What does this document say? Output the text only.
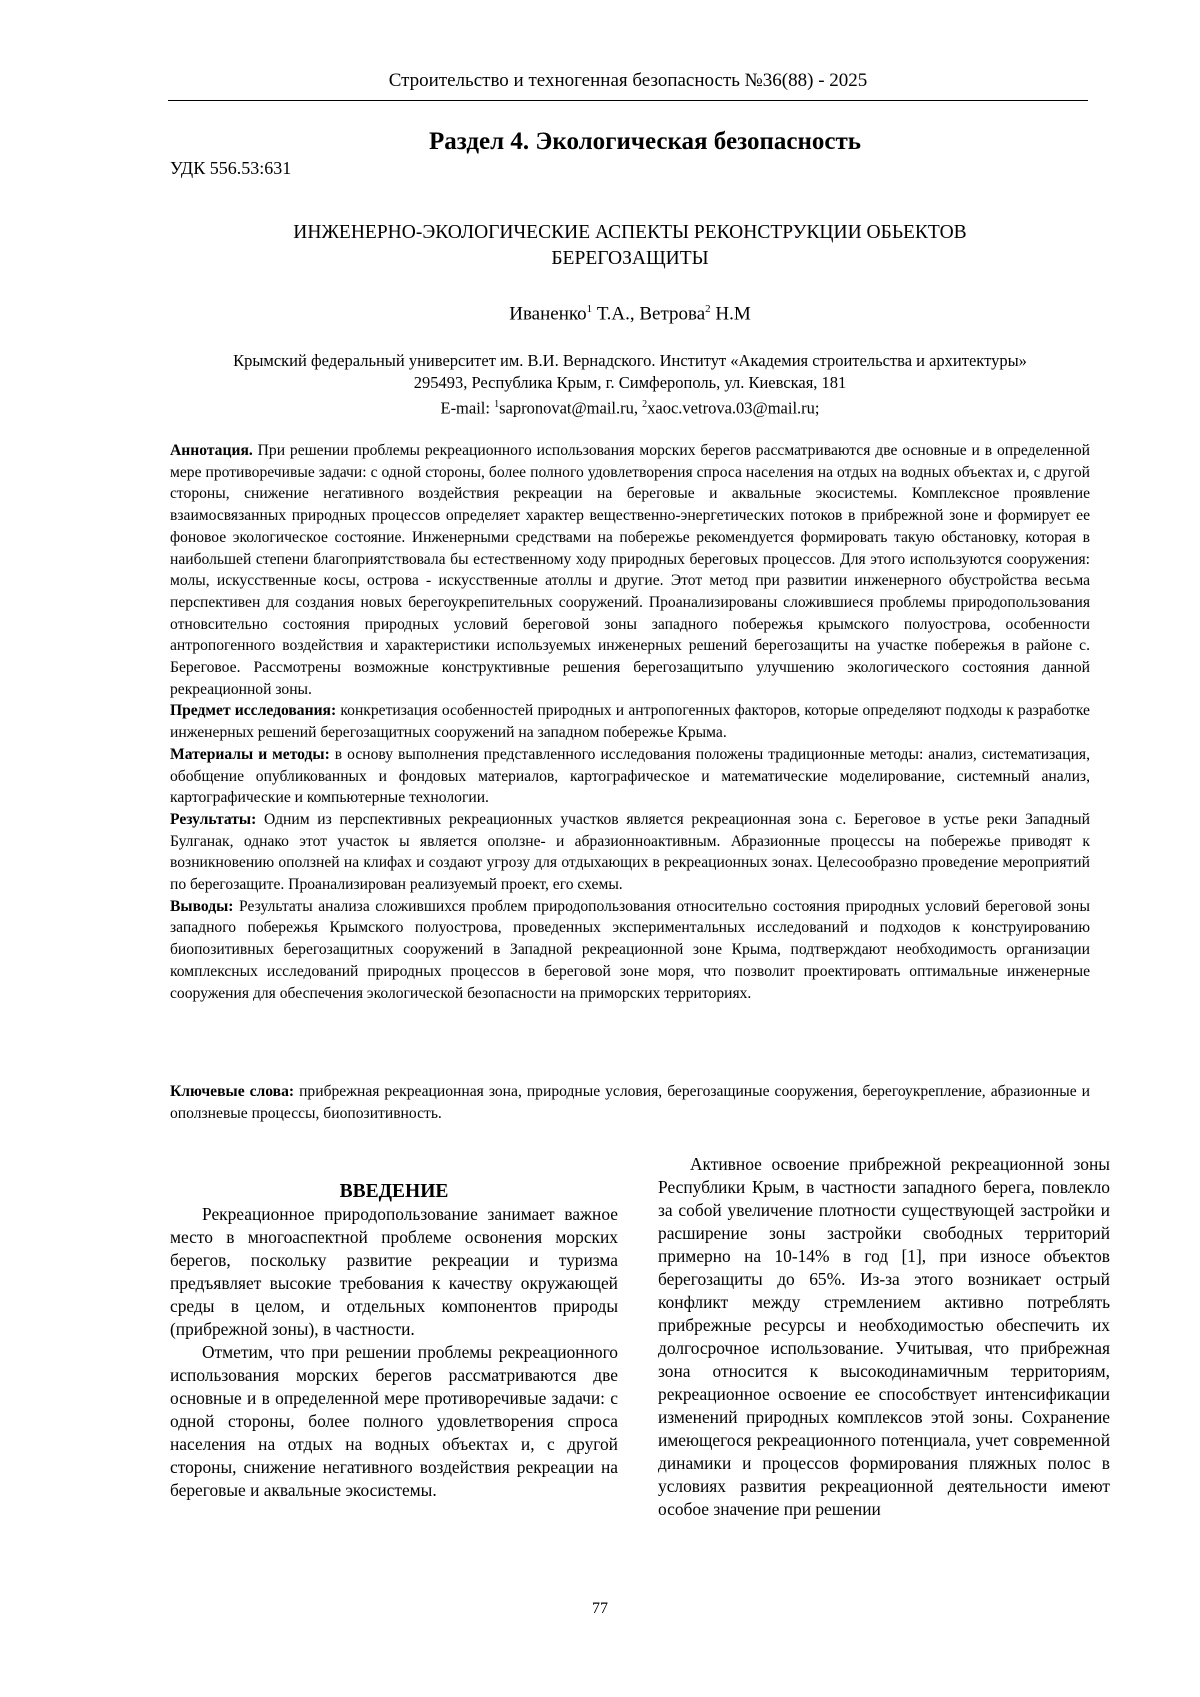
Строительство и техногенная безопасность №36(88) - 2025
Раздел 4. Экологическая безопасность
УДК 556.53:631
ИНЖЕНЕРНО-ЭКОЛОГИЧЕСКИЕ АСПЕКТЫ РЕКОНСТРУКЦИИ ОБЬЕКТОВ
БЕРЕГОЗАЩИТЫ
Иваненко$^1$ Т.А., Ветрова$^2$ Н.М
Крымский федеральный университет им. В.И. Вернадского. Институт «Академия строительства и архитектуры»
295493, Республика Крым, г. Симферополь, ул. Киевская, 181
E-mail: $^1$sapronovat@mail.ru, $^2$xaoc.vetrova.03@mail.ru;

Аннотация. При решении проблемы рекреационного использования морских берегов рассматриваются две основные и в определенной мере противоречивые задачи: с одной стороны, более полного удовлетворения спроса населения на отдых на водных объектах и, с другой стороны, снижение негативного воздействия рекреации на береговые и аквальные экосистемы. Комплексное проявление взаимосвязанных природных процессов определяет характер вещественно-энергетических потоков в прибрежной зоне и формирует ее фоновое экологическое состояние. Инженерными средствами на побережье рекомендуется формировать такую обстановку, которая в наибольшей степени благоприятствовала бы естественному ходу природных береговых процессов. Для этого используются сооружения: молы, искусственные косы, острова - искусственные атоллы и другие. Этот метод при развитии инженерного обустройства весьма перспективен для создания новых берегоукрепительных сооружений. Проанализированы сложившиеся проблемы природопользования отновсительно состояния природных условий береговой зоны западного побережья крымского полуострова, особенности антропогенного воздействия и характеристики используемых инженерных решений берегозащиты на участке побережья в районе с. Береговое. Рассмотрены возможные конструктивные решения берегозащитыпо улучшению экологического состояния данной рекреационной зоны.

Предмет исследования: конкретизация особенностей природных и антропогенных факторов, которые определяют подходы к разработке инженерных решений берегозащитных сооружений на западном побережье Крыма.

Материалы и методы: в основу выполнения представленного исследования положены традиционные методы: анализ, систематизация, обобщение опубликованных и фондовых материалов, картографическое и математические моделирование, системный анализ, картографические и компьютерные технологии.

Результаты: Одним из перспективных рекреационных участков является рекреационная зона с. Береговое в устье реки Западный Булганак, однако этот участок ы является оползне- и абразионноактивным. Абразионные процессы на побережье приводят к возникновению оползней на клифах и создают угрозу для отдыхающих в рекреационных зонах. Целесообразно проведение мероприятий по берегозащите. Проанализирован реализуемый проект, его схемы.

Выводы: Результаты анализа сложившихся проблем природопользования относительно состояния природных условий береговой зоны западного побережья Крымского полуострова, проведенных экспериментальных исследований и подходов к конструированию биопозитивных берегозащитных сооружений в Западной рекреационной зоне Крыма, подтверждают необходимость организации комплексных исследований природных процессов в береговой зоне моря, что позволит проектировать оптимальные инженерные сооружения для обеспечения экологической безопасности на приморских территориях.

Ключевые слова: прибрежная рекреационная зона, природные условия, берегозащиные сооружения, берегоукрепление, абразионные и оползневые процессы, биопозитивность.

ВВЕДЕНИЕ

Рекреационное природопользование занимает важное место в многоаспектной проблеме освонения морских берегов, поскольку развитие рекреации и туризма предъявляет высокие требования к качеству окружающей среды в целом, и отдельных компонентов природы (прибрежной зоны), в частности.

Отметим, что при решении проблемы рекреационного использования морских берегов рассматриваются две основные и в определенной мере противоречивые задачи: с одной стороны, более полного удовлетворения спроса населения на отдых на водных объектах и, с другой стороны, снижение негативного воздействия рекреации на береговые и аквальные экосистемы.

Активное освоение прибрежной рекреационной зоны Республики Крым, в частности западного берега, повлекло за собой увеличение плотности существующей застройки и расширение зоны застройки свободных территорий примерно на 10-14% в год [1], при износе объектов берегозащиты до 65%. Из-за этого возникает острый конфликт между стремлением активно потреблять прибрежные ресурсы и необходимостью обеспечить их долгосрочное использование. Учитывая, что прибрежная зона относится к высокодинамичным территориям, рекреационное освоение ее способствует интенсификации изменений природных комплексов этой зоны. Сохранение имеющегося рекреационного потенциала, учет современной динамики и процессов формирования пляжных полос в условиях развития рекреационной деятельности имеют особое значение при решении

77
